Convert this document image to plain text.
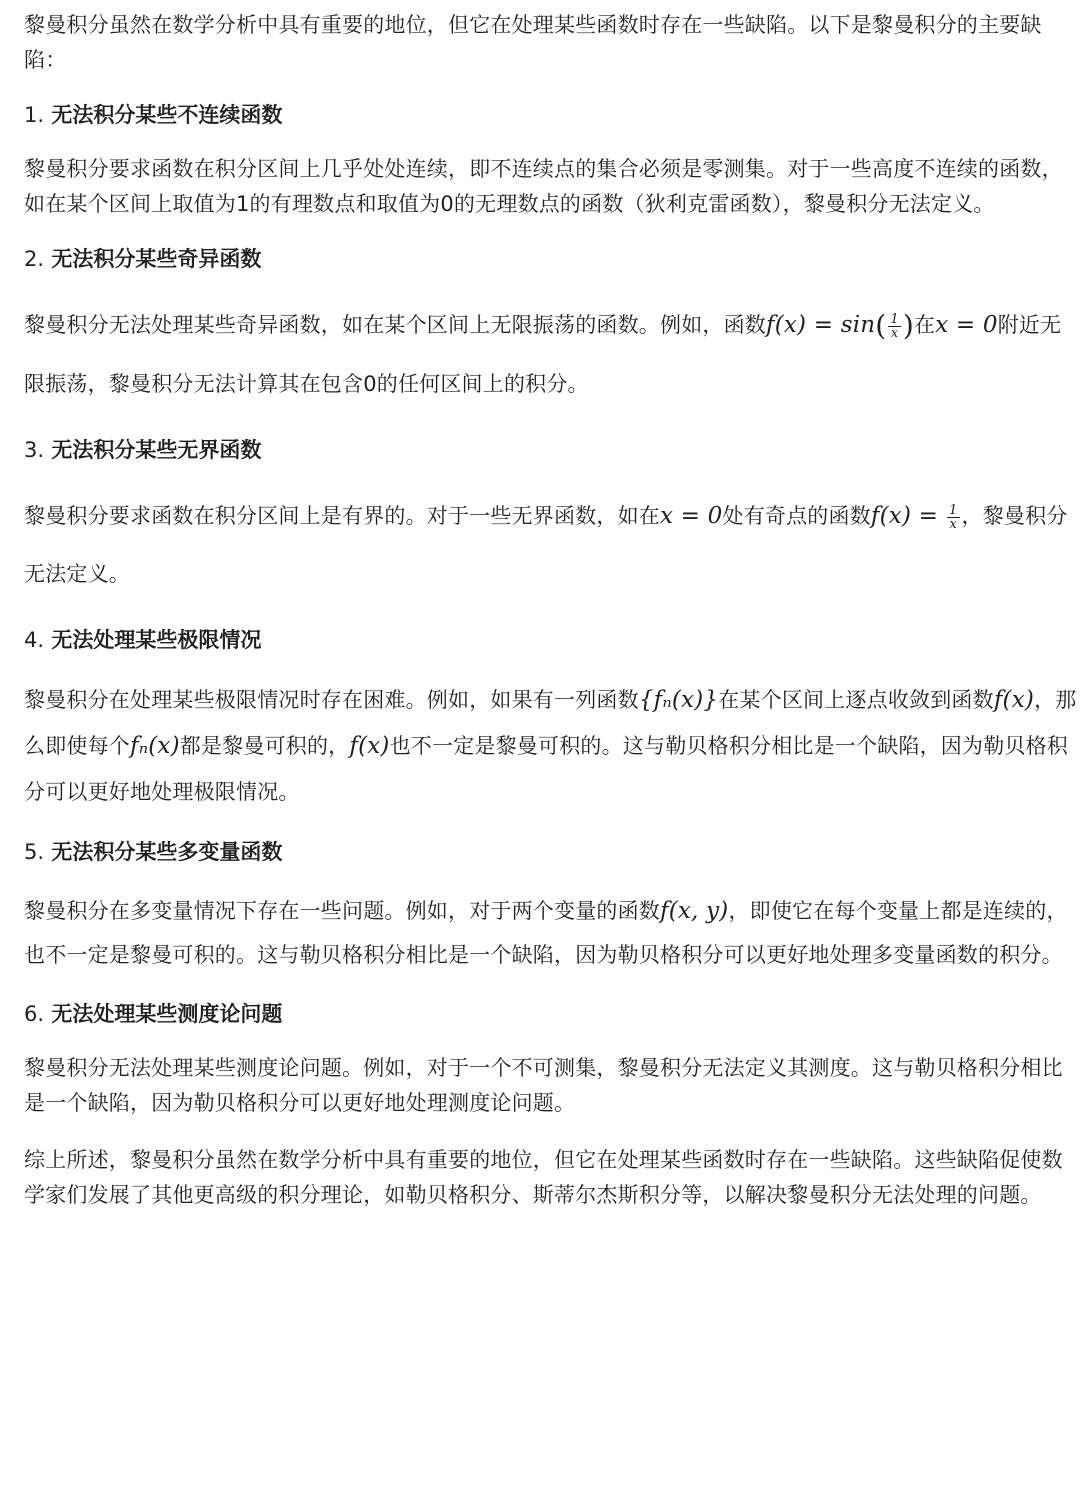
黎曼积分虽然在数学分析中具有重要的地位，但它在处理某些函数时存在一些缺陷。以下是黎曼积分的主要缺陷：

1. 无法积分某些不连续函数

黎曼积分要求函数在积分区间上几乎处处连续，即不连续点的集合必须是零测集。对于一些高度不连续的函数，如在某个区间上取值为1的有理数点和取值为0的无理数点的函数（狄利克雷函数），黎曼积分无法定义。

2. 无法积分某些奇异函数

黎曼积分无法处理某些奇异函数，如在某个区间上无限振荡的函数。例如，函数$f(x) = \sin( \frac{1}{x}$ )在x = 0附近无限振荡，黎曼积分无法计算其在包含0的任何区间上的积分。

3. 无法积分某些无界函数

黎曼积分要求函数在积分区间上是有界的。对于一些无界函数，如在x = 0处有奇点的函数$f(x) = \frac{1}{x}$ ，黎曼积分无法定义。

4. 无法处理某些极限情况

黎曼积分在处理某些极限情况时存在困难。例如，如果有一列函数{fₙ(x)}在某个区间上逐点收敛到函数f(x)，那么即使每个fₙ(x)都是黎曼可积的，f(x)也不一定是黎曼可积的。这与勒贝格积分相比是一个缺陷，因为勒贝格积分可以更好地处理极限情况。

5. 无法积分某些多变量函数

黎曼积分在多变量情况下存在一些问题。例如，对于两个变量的函数f(x, y)，即使它在每个变量上都是连续的，也不一定是黎曼可积的。这与勒贝格积分相比是一个缺陷，因为勒贝格积分可以更好地处理多变量函数的积分。

6. 无法处理某些测度论问题

黎曼积分无法处理某些测度论问题。例如，对于一个不可测集，黎曼积分无法定义其测度。这与勒贝格积分相比是一个缺陷，因为勒贝格积分可以更好地处理测度论问题。

综上所述，黎曼积分虽然在数学分析中具有重要的地位，但它在处理某些函数时存在一些缺陷。这些缺陷促使数学家们发展了其他更高级的积分理论，如勒贝格积分、斯蒂尔杰斯积分等，以解决黎曼积分无法处理的问题。
